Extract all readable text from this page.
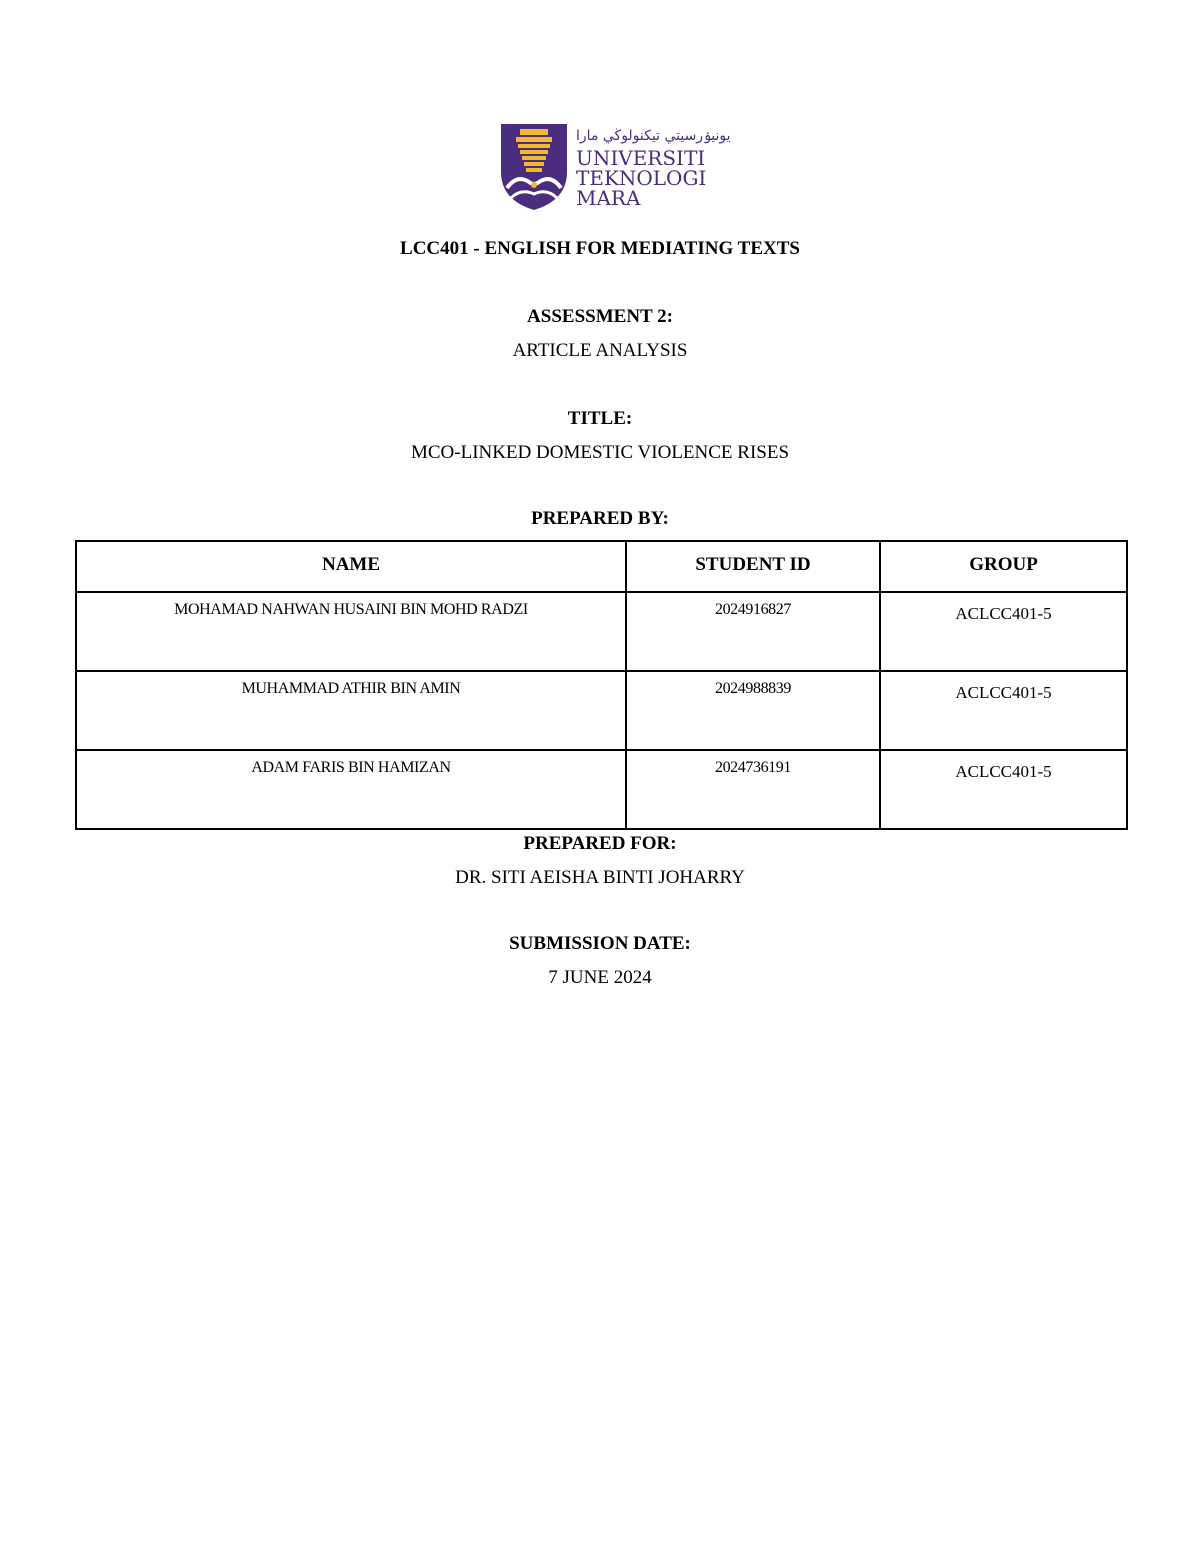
يونيۏرسيتي تيكنولوڬي مارا
UNIVERSITI
TEKNOLOGI
MARA
LCC401 - ENGLISH FOR MEDIATING TEXTS
ASSESSMENT 2:
ARTICLE ANALYSIS
TITLE:
MCO-LINKED DOMESTIC VIOLENCE RISES
PREPARED BY:
NAME	STUDENT ID	GROUP
MOHAMAD NAHWAN HUSAINI BIN MOHD RADZI	2024916827	ACLCC401-5
MUHAMMAD ATHIR BIN AMIN	2024988839	ACLCC401-5
ADAM FARIS BIN HAMIZAN	2024736191	ACLCC401-5
PREPARED FOR:
DR. SITI AEISHA BINTI JOHARRY
SUBMISSION DATE:
7 JUNE 2024
